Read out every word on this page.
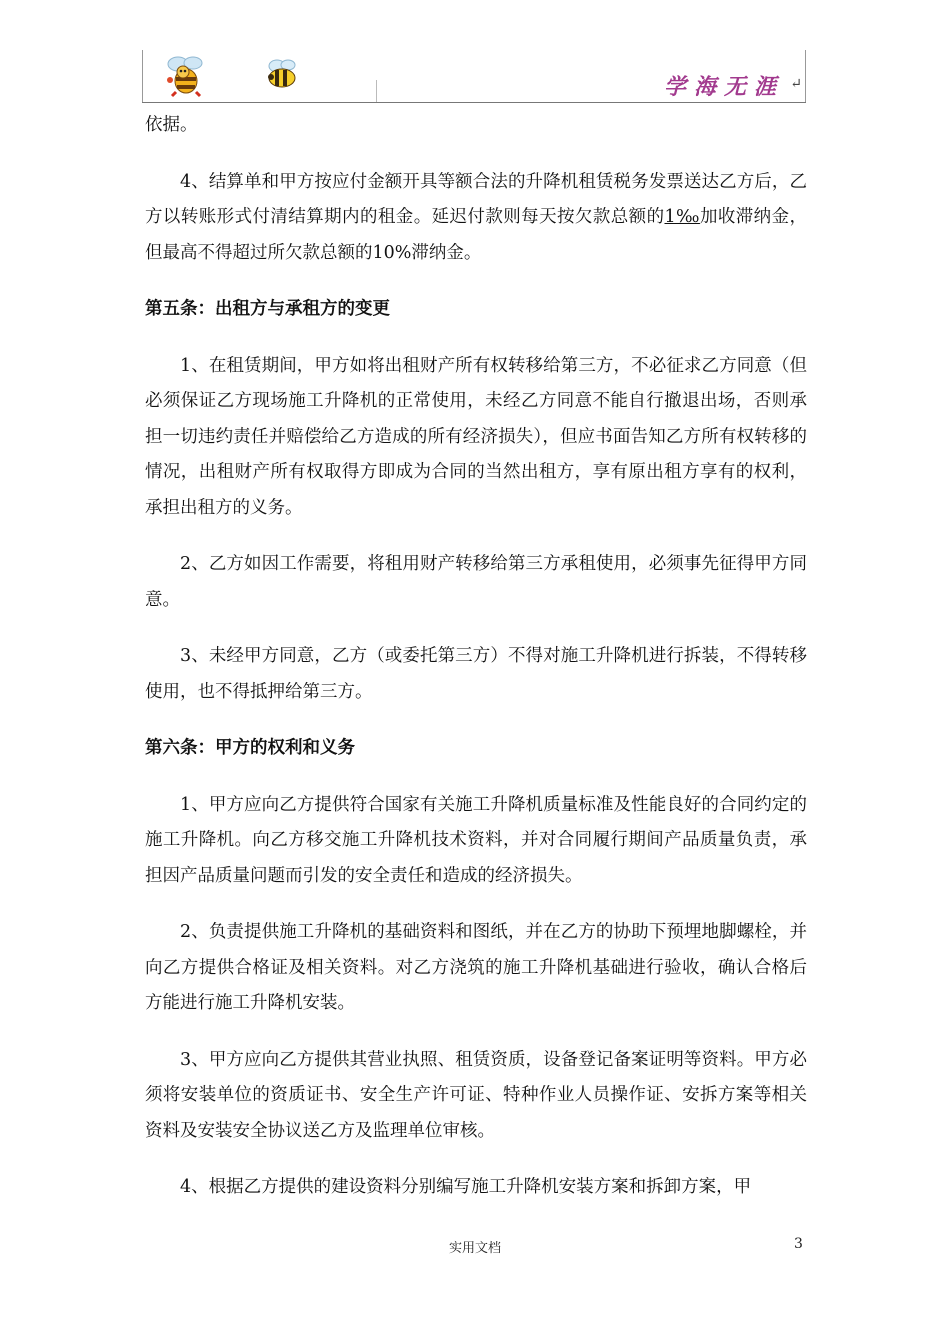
学海无涯 ↵

依据。

4、结算单和甲方按应付金额开具等额合法的升降机租赁税务发票送达乙方后，乙方以转账形式付清结算期内的租金。延迟付款则每天按欠款总额的1‰加收滞纳金，但最高不得超过所欠款总额的10%滞纳金。

第五条：出租方与承租方的变更

1、在租赁期间，甲方如将出租财产所有权转移给第三方，不必征求乙方同意（但必须保证乙方现场施工升降机的正常使用，未经乙方同意不能自行撤退出场，否则承担一切违约责任并赔偿给乙方造成的所有经济损失），但应书面告知乙方所有权转移的情况，出租财产所有权取得方即成为合同的当然出租方，享有原出租方享有的权利，承担出租方的义务。

2、乙方如因工作需要，将租用财产转移给第三方承租使用，必须事先征得甲方同意。

3、未经甲方同意，乙方（或委托第三方）不得对施工升降机进行拆装，不得转移使用，也不得抵押给第三方。

第六条：甲方的权利和义务

1、甲方应向乙方提供符合国家有关施工升降机质量标准及性能良好的合同约定的施工升降机。向乙方移交施工升降机技术资料，并对合同履行期间产品质量负责，承担因产品质量问题而引发的安全责任和造成的经济损失。

2、负责提供施工升降机的基础资料和图纸，并在乙方的协助下预埋地脚螺栓，并向乙方提供合格证及相关资料。对乙方浇筑的施工升降机基础进行验收，确认合格后方能进行施工升降机安装。

3、甲方应向乙方提供其营业执照、租赁资质，设备登记备案证明等资料。甲方必须将安装单位的资质证书、安全生产许可证、特种作业人员操作证、安拆方案等相关资料及安装安全协议送乙方及监理单位审核。

4、根据乙方提供的建设资料分别编写施工升降机安装方案和拆卸方案，甲

实用文档	3
